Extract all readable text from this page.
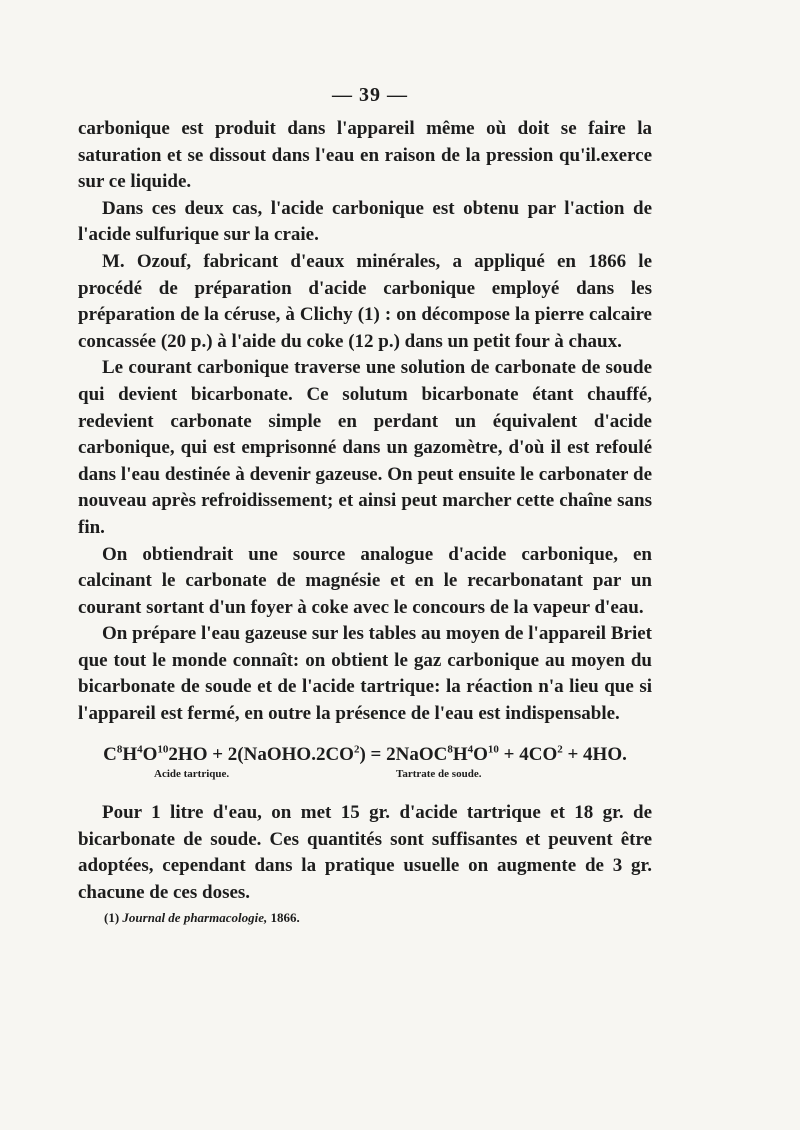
— 39 —

carbonique est produit dans l'appareil même où doit se faire la saturation et se dissout dans l'eau en raison de la pression qu'il.exerce sur ce liquide.

Dans ces deux cas, l'acide carbonique est obtenu par l'action de l'acide sulfurique sur la craie.

M. Ozouf, fabricant d'eaux minérales, a appliqué en 1866 le procédé de préparation d'acide carbonique employé dans les préparation de la céruse, à Clichy (1) : on décompose la pierre calcaire concassée (20 p.) à l'aide du coke (12 p.) dans un petit four à chaux.

Le courant carbonique traverse une solution de carbonate de soude qui devient bicarbonate. Ce solutum bicarbonate étant chauffé, redevient carbonate simple en perdant un équivalent d'acide carbonique, qui est emprisonné dans un gazomètre, d'où il est refoulé dans l'eau destinée à devenir gazeuse. On peut ensuite le carbonater de nouveau après refroidissement; et ainsi peut marcher cette chaîne sans fin.

On obtiendrait une source analogue d'acide carbonique, en calcinant le carbonate de magnésie et en le recarbonatant par un courant sortant d'un foyer à coke avec le concours de la vapeur d'eau.

On prépare l'eau gazeuse sur les tables au moyen de l'appareil Briet que tout le monde connaît: on obtient le gaz carbonique au moyen du bicarbonate de soude et de l'acide tartrique: la réaction n'a lieu que si l'appareil est fermé, en outre la présence de l'eau est indispensable.

$C^8H^4O^{10}2HO$ + $2(NaOHO.2CO^2)$ = $2NaOC^8H^4O^{10} + 4CO^2 + 4HO$.
Acide tartrique.	Tartrate de soude.

Pour 1 litre d'eau, on met 15 gr. d'acide tartrique et 18 gr. de bicarbonate de soude. Ces quantités sont suffisantes et peuvent être adoptées, cependant dans la pratique usuelle on augmente de 3 gr. chacune de ces doses.

(1) Journal de pharmacologie, 1866.
